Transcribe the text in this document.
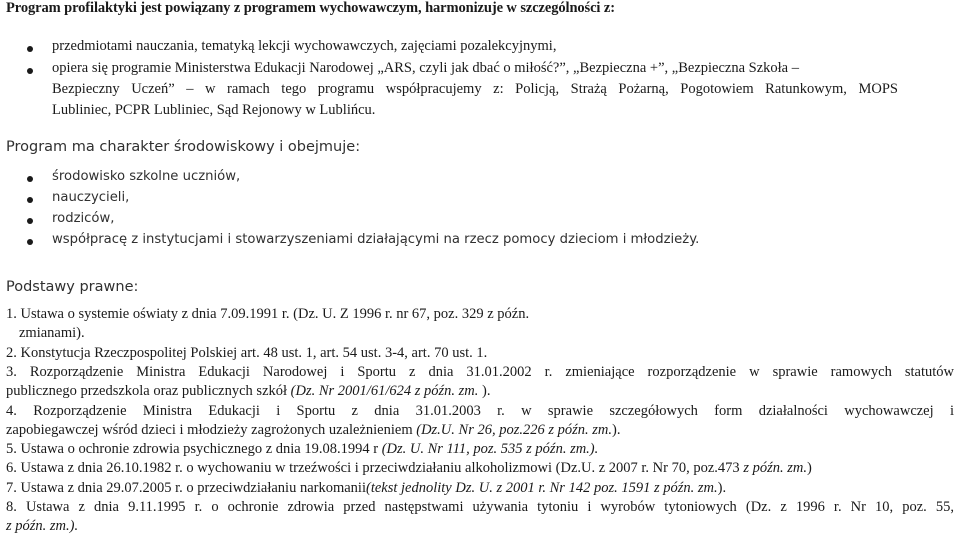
Program profilaktyki jest powiązany z programem wychowawczym, harmonizuje w szczególności z:
przedmiotami nauczania, tematyką lekcji wychowawczych, zajęciami pozalekcyjnymi,
opiera się programie Ministerstwa Edukacji Narodowej „ARS, czyli jak dbać o miłość?”, „Bezpieczna +”, „Bezpieczna Szkoła –
Bezpieczny Uczeń” – w ramach tego programu współpracujemy z: Policją, Strażą Pożarną, Pogotowiem Ratunkowym, MOPS
Lubliniec, PCPR Lubliniec, Sąd Rejonowy w Lublińcu.
Program ma charakter środowiskowy i obejmuje:
środowisko szkolne uczniów,
nauczycieli,
rodziców,
współpracę z instytucjami i stowarzyszeniami działającymi na rzecz pomocy dzieciom i młodzieży.
Podstawy prawne:
1. Ustawa o systemie oświaty z dnia 7.09.1991 r. (Dz. U. Z 1996 r. nr 67, poz. 329 z późn.
zmianami).
2. Konstytucja Rzeczpospolitej Polskiej art. 48 ust. 1, art. 54 ust. 3-4, art. 70 ust. 1.
3. Rozporządzenie Ministra Edukacji Narodowej i Sportu z dnia 31.01.2002 r. zmieniające rozporządzenie w sprawie ramowych statutów
publicznego przedszkola oraz publicznych szkół (Dz. Nr 2001/61/624 z późn. zm. ).
4. Rozporządzenie Ministra Edukacji i Sportu z dnia 31.01.2003 r. w sprawie szczegółowych form działalności wychowawczej i
zapobiegawczej wśród dzieci i młodzieży zagrożonych uzależnieniem (Dz.U. Nr 26, poz.226 z późn. zm.).
5. Ustawa o ochronie zdrowia psychicznego z dnia 19.08.1994 r (Dz. U. Nr 111, poz. 535 z późn. zm.).
6. Ustawa z dnia 26.10.1982 r. o wychowaniu w trzeźwości i przeciwdziałaniu alkoholizmowi (Dz.U. z 2007 r. Nr 70, poz.473 z późn. zm.)
7. Ustawa z dnia 29.07.2005 r. o przeciwdziałaniu narkomanii(tekst jednolity Dz. U. z 2001 r. Nr 142 poz. 1591 z późn. zm.).
8. Ustawa z dnia 9.11.1995 r. o ochronie zdrowia przed następstwami używania tytoniu i wyrobów tytoniowych (Dz. z 1996 r. Nr 10, poz. 55,
z późn. zm.).
